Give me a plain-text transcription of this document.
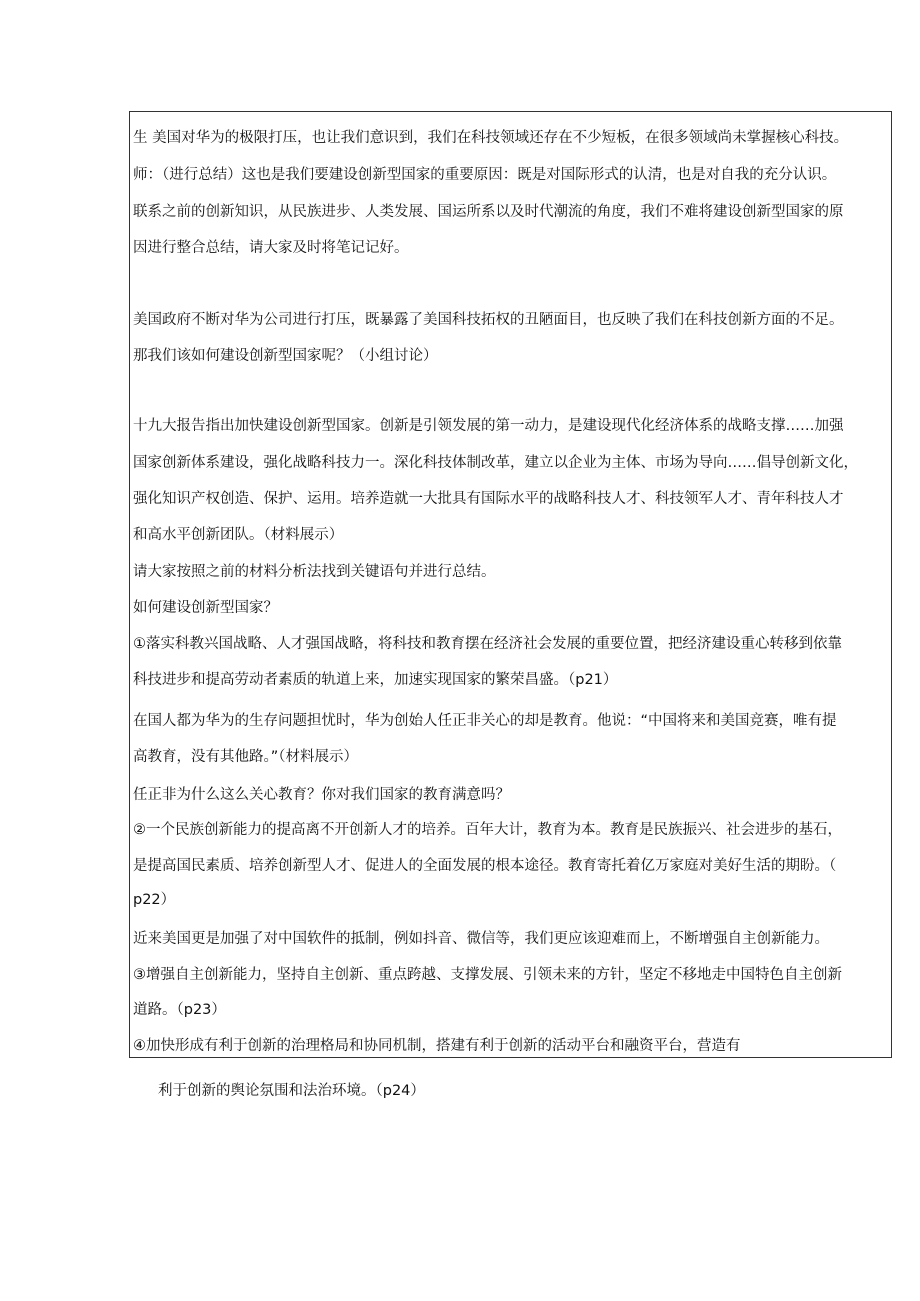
生 美国对华为的极限打压，也让我们意识到，我们在科技领域还存在不少短板，在很多领域尚未掌握核心科技。
师：（进行总结）这也是我们要建设创新型国家的重要原因：既是对国际形式的认清，也是对自我的充分认识。
联系之前的创新知识，从民族进步、人类发展、国运所系以及时代潮流的角度，我们不难将建设创新型国家的原
因进行整合总结，请大家及时将笔记记好。
美国政府不断对华为公司进行打压，既暴露了美国科技拓权的丑陋面目，也反映了我们在科技创新方面的不足。
那我们该如何建设创新型国家呢？（小组讨论）
十九大报告指出加快建设创新型国家。创新是引领发展的第一动力，是建设现代化经济体系的战略支撑……加强
国家创新体系建设，强化战略科技力一。深化科技体制改革，建立以企业为主体、市场为导向……倡导创新文化，
强化知识产权创造、保护、运用。培养造就一大批具有国际水平的战略科技人才、科技领军人才、青年科技人才
和高水平创新团队。（材料展示）
请大家按照之前的材料分析法找到关键语句并进行总结。
如何建设创新型国家？
①落实科教兴国战略、人才强国战略，将科技和教育摆在经济社会发展的重要位置，把经济建设重心转移到依靠
科技进步和提高劳动者素质的轨道上来，加速实现国家的繁荣昌盛。（p21）
在国人都为华为的生存问题担忧时，华为创始人任正非关心的却是教育。他说：“中国将来和美国竞赛，唯有提
高教育，没有其他路。”（材料展示）
任正非为什么这么关心教育？你对我们国家的教育满意吗？
②一个民族创新能力的提高离不开创新人才的培养。百年大计，教育为本。教育是民族振兴、社会进步的基石，
是提高国民素质、培养创新型人才、促进人的全面发展的根本途径。教育寄托着亿万家庭对美好生活的期盼。（
p22）
近来美国更是加强了对中国软件的抵制，例如抖音、微信等，我们更应该迎难而上，不断增强自主创新能力。
③增强自主创新能力，坚持自主创新、重点跨越、支撑发展、引领未来的方针，坚定不移地走中国特色自主创新
道路。（p23）
④加快形成有利于创新的治理格局和协同机制，搭建有利于创新的活动平台和融资平台，营造有
利于创新的舆论氛围和法治环境。（p24）
